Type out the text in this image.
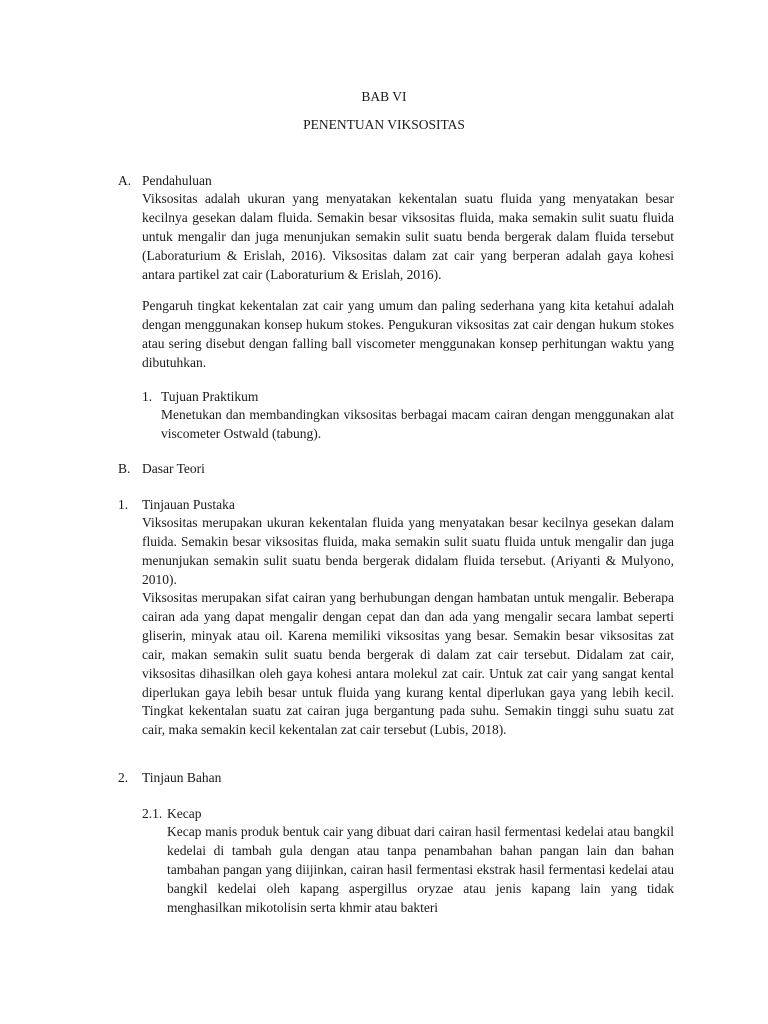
BAB VI
PENENTUAN VIKSOSITAS
A. Pendahuluan

Viksositas adalah ukuran yang menyatakan kekentalan suatu fluida yang menyatakan besar kecilnya gesekan dalam fluida. Semakin besar viksositas fluida, maka semakin sulit suatu fluida untuk mengalir dan juga menunjukan semakin sulit suatu benda bergerak dalam fluida tersebut (Laboraturium & Erislah, 2016). Viksositas dalam zat cair yang berperan adalah gaya kohesi antara partikel zat cair (Laboraturium & Erislah, 2016).

Pengaruh tingkat kekentalan zat cair yang umum dan paling sederhana yang kita ketahui adalah dengan menggunakan konsep hukum stokes. Pengukuran viksositas zat cair dengan hukum stokes atau sering disebut dengan falling ball viscometer menggunakan konsep perhitungan waktu yang dibutuhkan.

1. Tujuan Praktikum

Menetukan dan membandingkan viksositas berbagai macam cairan dengan menggunakan alat viscometer Ostwald (tabung).

B. Dasar Teori
1. Tinjauan Pustaka

Viksositas merupakan ukuran kekentalan fluida yang menyatakan besar kecilnya gesekan dalam fluida. Semakin besar viksositas fluida, maka semakin sulit suatu fluida untuk mengalir dan juga menunjukan semakin sulit suatu benda bergerak didalam fluida tersebut. (Ariyanti & Mulyono, 2010).

Viksositas merupakan sifat cairan yang berhubungan dengan hambatan untuk mengalir. Beberapa cairan ada yang dapat mengalir dengan cepat dan dan ada yang mengalir secara lambat seperti gliserin, minyak atau oil. Karena memiliki viksositas yang besar. Semakin besar viksositas zat cair, makan semakin sulit suatu benda bergerak di dalam zat cair tersebut. Didalam zat cair, viksositas dihasilkan oleh gaya kohesi antara molekul zat cair. Untuk zat cair yang sangat kental diperlukan gaya lebih besar untuk fluida yang kurang kental diperlukan gaya yang lebih kecil. Tingkat kekentalan suatu zat cairan juga bergantung pada suhu. Semakin tinggi suhu suatu zat cair, maka semakin kecil kekentalan zat cair tersebut (Lubis, 2018).

2. Tinjaun Bahan
2.1. Kecap

Kecap manis produk bentuk cair yang dibuat dari cairan hasil fermentasi kedelai atau bangkil kedelai di tambah gula dengan atau tanpa penambahan bahan pangan lain dan bahan tambahan pangan yang diijinkan, cairan hasil fermentasi ekstrak hasil fermentasi kedelai atau bangkil kedelai oleh kapang aspergillus oryzae atau jenis kapang lain yang tidak menghasilkan mikotolisin serta khmir atau bakteri
